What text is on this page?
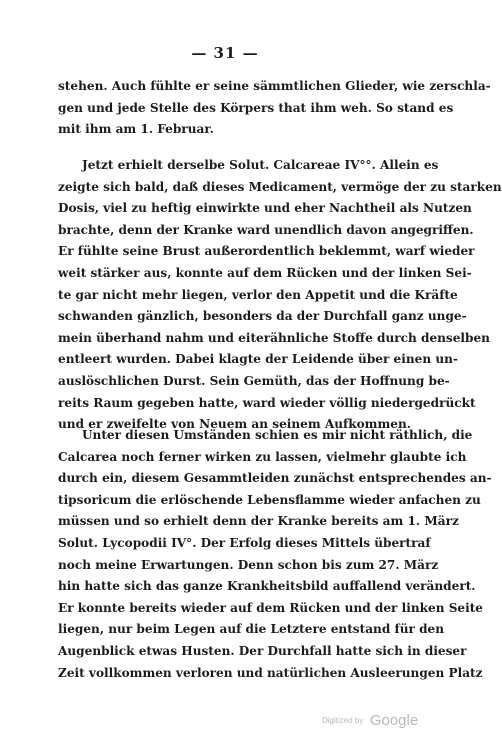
— 31 —
stehen. Auch fühlte er seine sämmtlichen Glieder, wie zerschla-
gen und jede Stelle des Körpers that ihm weh. So stand es
mit ihm am 1. Februar.
Jetzt erhielt derselbe Solut. Calcareae IV°°. Allein es
zeigte sich bald, daß dieses Medicament, vermöge der zu starken
Dosis, viel zu heftig einwirkte und eher Nachtheil als Nutzen
brachte, denn der Kranke ward unendlich davon angegriffen.
Er fühlte seine Brust außerordentlich beklemmt, warf wieder
weit stärker aus, konnte auf dem Rücken und der linken Sei-
te gar nicht mehr liegen, verlor den Appetit und die Kräfte
schwanden gänzlich, besonders da der Durchfall ganz unge-
mein überhand nahm und eiterähnliche Stoffe durch denselben
entleert wurden. Dabei klagte der Leidende über einen un-
auslöschlichen Durst. Sein Gemüth, das der Hoffnung be-
reits Raum gegeben hatte, ward wieder völlig niedergedrückt
und er zweifelte von Neuem an seinem Aufkommen.
Unter diesen Umständen schien es mir nicht räthlich, die
Calcarea noch ferner wirken zu lassen, vielmehr glaubte ich
durch ein, diesem Gesammtleiden zunächst entsprechendes an-
tipsoricum die erlöschende Lebensflamme wieder anfachen zu
müssen und so erhielt denn der Kranke bereits am 1. März
Solut. Lycopodii IV°. Der Erfolg dieses Mittels übertraf
noch meine Erwartungen. Denn schon bis zum 27. März
hin hatte sich das ganze Krankheitsbild auffallend verändert.
Er konnte bereits wieder auf dem Rücken und der linken Seite
liegen, nur beim Legen auf die Letztere entstand für den
Augenblick etwas Husten. Der Durchfall hatte sich in dieser
Zeit vollkommen verloren und natürlichen Ausleerungen Platz
Digitized by Google
